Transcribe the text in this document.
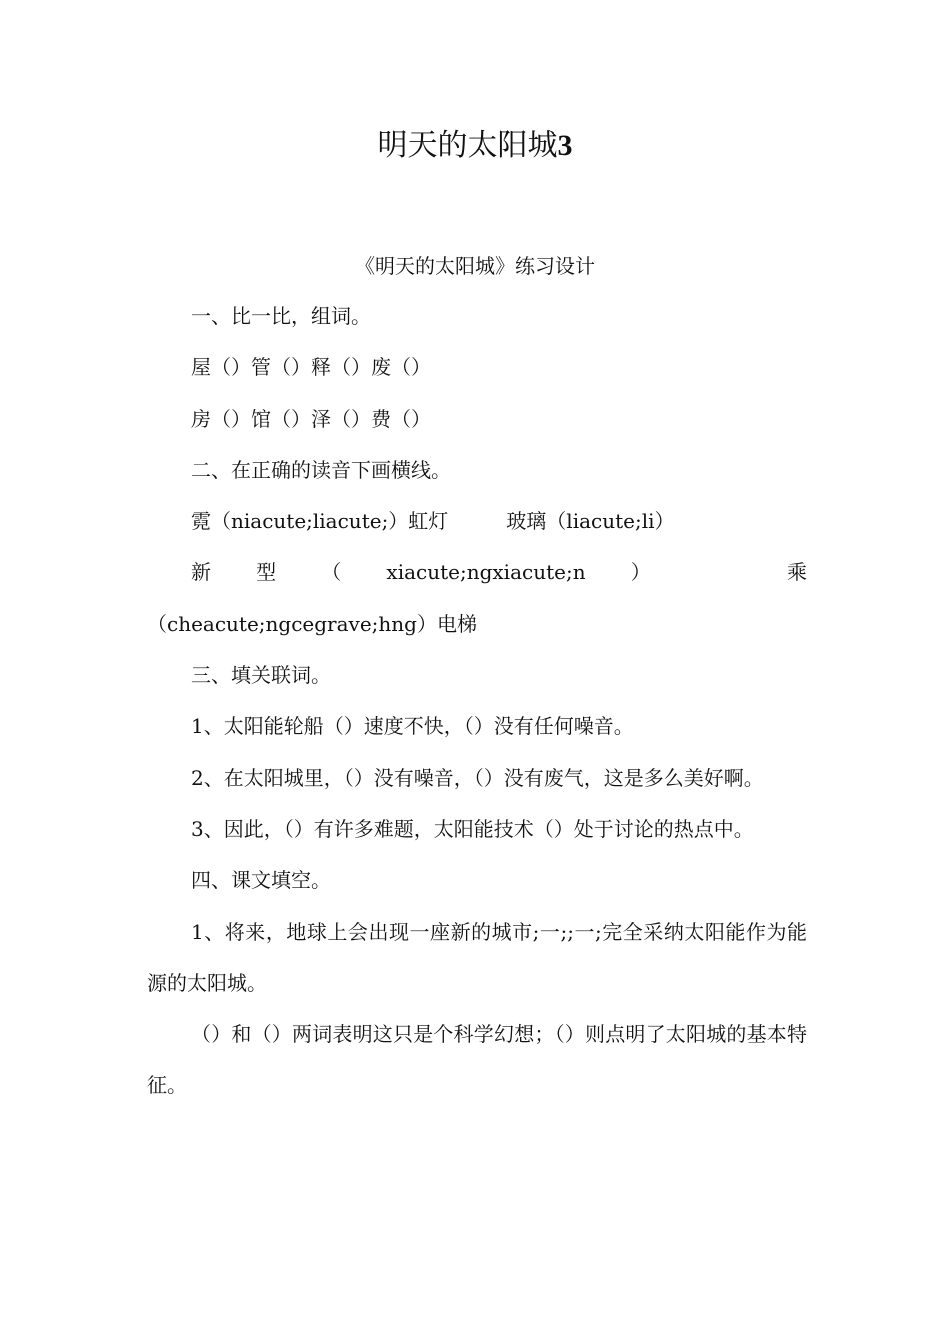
明天的太阳城3
《明天的太阳城》练习设计

一、比一比，组词。

屋（）管（）释（）废（）

房（）馆（）泽（）费（）

二、在正确的读音下画横线。

霓（niacute;liacute;）虹灯	玻璃（liacute;li）

新型（xiacute;ngxiacute;n） 乘（cheacute;ngcegrave;hng）电梯

三、填关联词。

1、太阳能轮船（）速度不快，（）没有任何噪音。

2、在太阳城里，（）没有噪音，（）没有废气，这是多么美好啊。

3、因此，（）有许多难题，太阳能技术（）处于讨论的热点中。

四、课文填空。

1、将来，地球上会出现一座新的城市;一;;一;完全采纳太阳能作为能源的太阳城。

（）和（）两词表明这只是个科学幻想；（）则点明了太阳城的基本特征。
